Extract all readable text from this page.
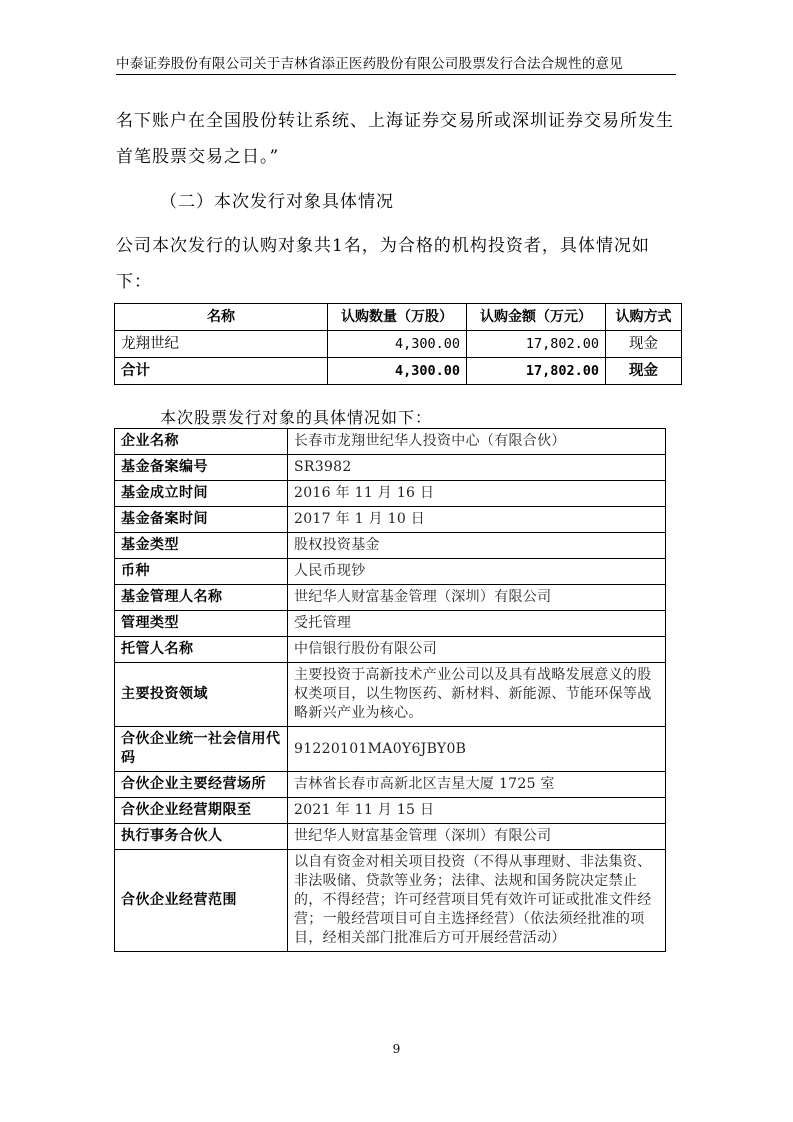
中泰证券股份有限公司关于吉林省添正医药股份有限公司股票发行合法合规性的意见
名下账户在全国股份转让系统、上海证券交易所或深圳证券交易所发生首笔股票交易之日。”
（二）本次发行对象具体情况
公司本次发行的认购对象共1名，为合格的机构投资者，具体情况如下：
名称	认购数量（万股）	认购金额（万元）	认购方式
龙翔世纪	4,300.00	17,802.00	现金
合计	4,300.00	17,802.00	现金
本次股票发行对象的具体情况如下：
企业名称	长春市龙翔世纪华人投资中心（有限合伙）
基金备案编号	SR3982
基金成立时间	2016 年 11 月 16 日
基金备案时间	2017 年 1 月 10 日
基金类型	股权投资基金
币种	人民币现钞
基金管理人名称	世纪华人财富基金管理（深圳）有限公司
管理类型	受托管理
托管人名称	中信银行股份有限公司
主要投资领域	主要投资于高新技术产业公司以及具有战略发展意义的股权类项目，以生物医药、新材料、新能源、节能环保等战略新兴产业为核心。
合伙企业统一社会信用代码	91220101MA0Y6JBY0B
合伙企业主要经营场所	吉林省长春市高新北区吉星大厦 1725 室
合伙企业经营期限至	2021 年 11 月 15 日
执行事务合伙人	世纪华人财富基金管理（深圳）有限公司
合伙企业经营范围	以自有资金对相关项目投资（不得从事理财、非法集资、非法吸储、贷款等业务；法律、法规和国务院决定禁止的，不得经营；许可经营项目凭有效许可证或批准文件经营；一般经营项目可自主选择经营）（依法须经批准的项目，经相关部门批准后方可开展经营活动）
9
